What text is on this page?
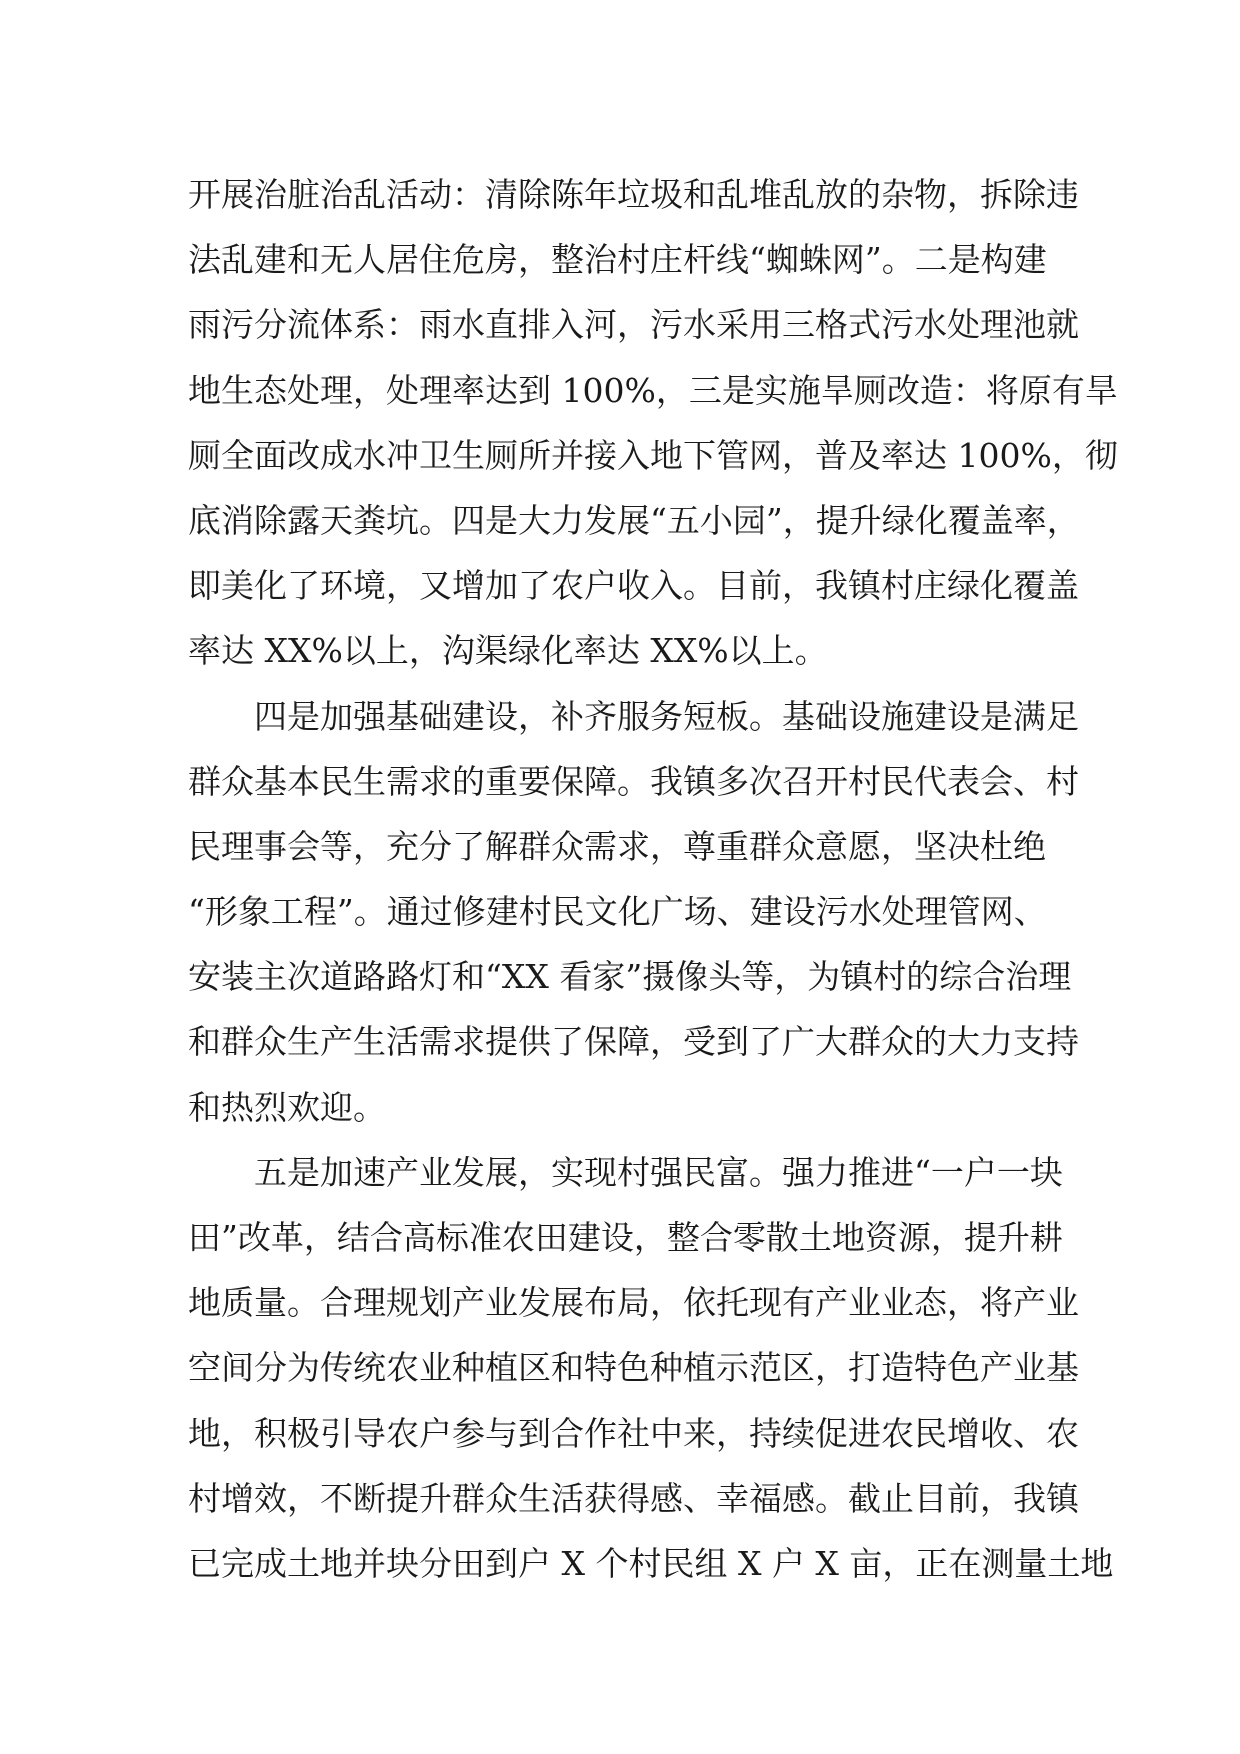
开展治脏治乱活动：清除陈年垃圾和乱堆乱放的杂物，拆除违
法乱建和无人居住危房，整治村庄杆线“蜘蛛网”。二是构建
雨污分流体系：雨水直排入河，污水采用三格式污水处理池就
地生态处理，处理率达到 100%，三是实施旱厕改造：将原有旱
厕全面改成水冲卫生厕所并接入地下管网，普及率达 100%，彻
底消除露天粪坑。四是大力发展“五小园”，提升绿化覆盖率，
即美化了环境，又增加了农户收入。目前，我镇村庄绿化覆盖
率达 XX%以上，沟渠绿化率达 XX%以上。
四是加强基础建设，补齐服务短板。基础设施建设是满足
群众基本民生需求的重要保障。我镇多次召开村民代表会、村
民理事会等，充分了解群众需求，尊重群众意愿，坚决杜绝
“形象工程”。通过修建村民文化广场、建设污水处理管网、
安装主次道路路灯和“XX 看家”摄像头等，为镇村的综合治理
和群众生产生活需求提供了保障，受到了广大群众的大力支持
和热烈欢迎。
五是加速产业发展，实现村强民富。强力推进“一户一块
田”改革，结合高标准农田建设，整合零散土地资源，提升耕
地质量。合理规划产业发展布局，依托现有产业业态，将产业
空间分为传统农业种植区和特色种植示范区，打造特色产业基
地，积极引导农户参与到合作社中来，持续促进农民增收、农
村增效，不断提升群众生活获得感、幸福感。截止目前，我镇
已完成土地并块分田到户 X 个村民组 X 户 X 亩，正在测量土地
